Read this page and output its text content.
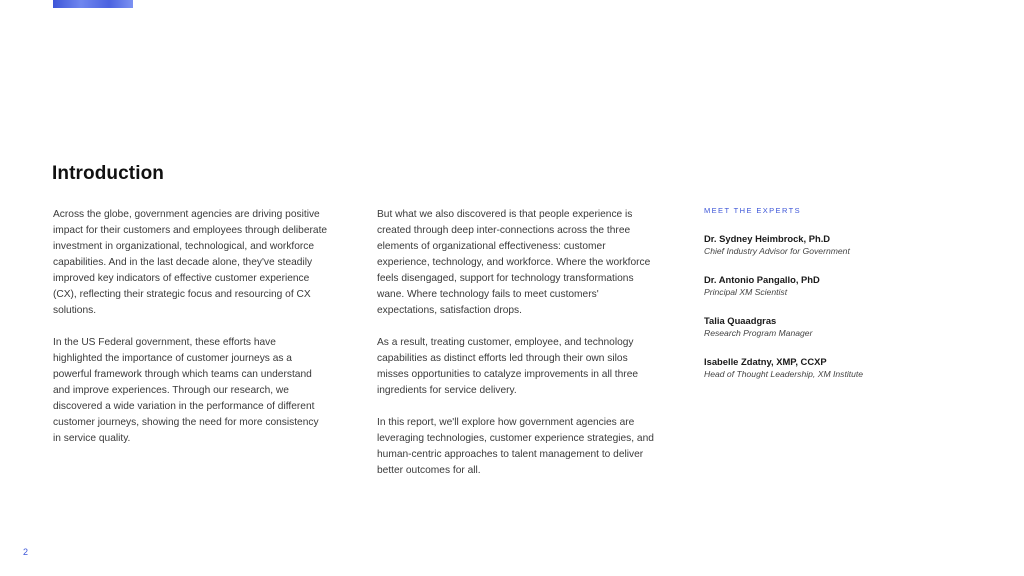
Introduction

Across the globe, government agencies are driving positive impact for their customers and employees through deliberate investment in organizational, technological, and workforce capabilities. And in the last decade alone, they've steadily improved key indicators of effective customer experience (CX), reflecting their strategic focus and resourcing of CX solutions.

In the US Federal government, these efforts have highlighted the importance of customer journeys as a powerful framework through which teams can understand and improve experiences. Through our research, we discovered a wide variation in the performance of different customer journeys, showing the need for more consistency in service quality.

But what we also discovered is that people experience is created through deep inter-connections across the three elements of organizational effectiveness: customer experience, technology, and workforce. Where the workforce feels disengaged, support for technology transformations wane. Where technology fails to meet customers' expectations, satisfaction drops.

As a result, treating customer, employee, and technology capabilities as distinct efforts led through their own silos misses opportunities to catalyze improvements in all three ingredients for service delivery.

In this report, we'll explore how government agencies are leveraging technologies, customer experience strategies, and human-centric approaches to talent management to deliver better outcomes for all.

MEET THE EXPERTS

Dr. Sydney Heimbrock, Ph.D

Chief Industry Advisor for Government

Dr. Antonio Pangallo, PhD

Principal XM Scientist

Talia Quaadgras

Research Program Manager

Isabelle Zdatny, XMP, CCXP

Head of Thought Leadership, XM Institute

2
